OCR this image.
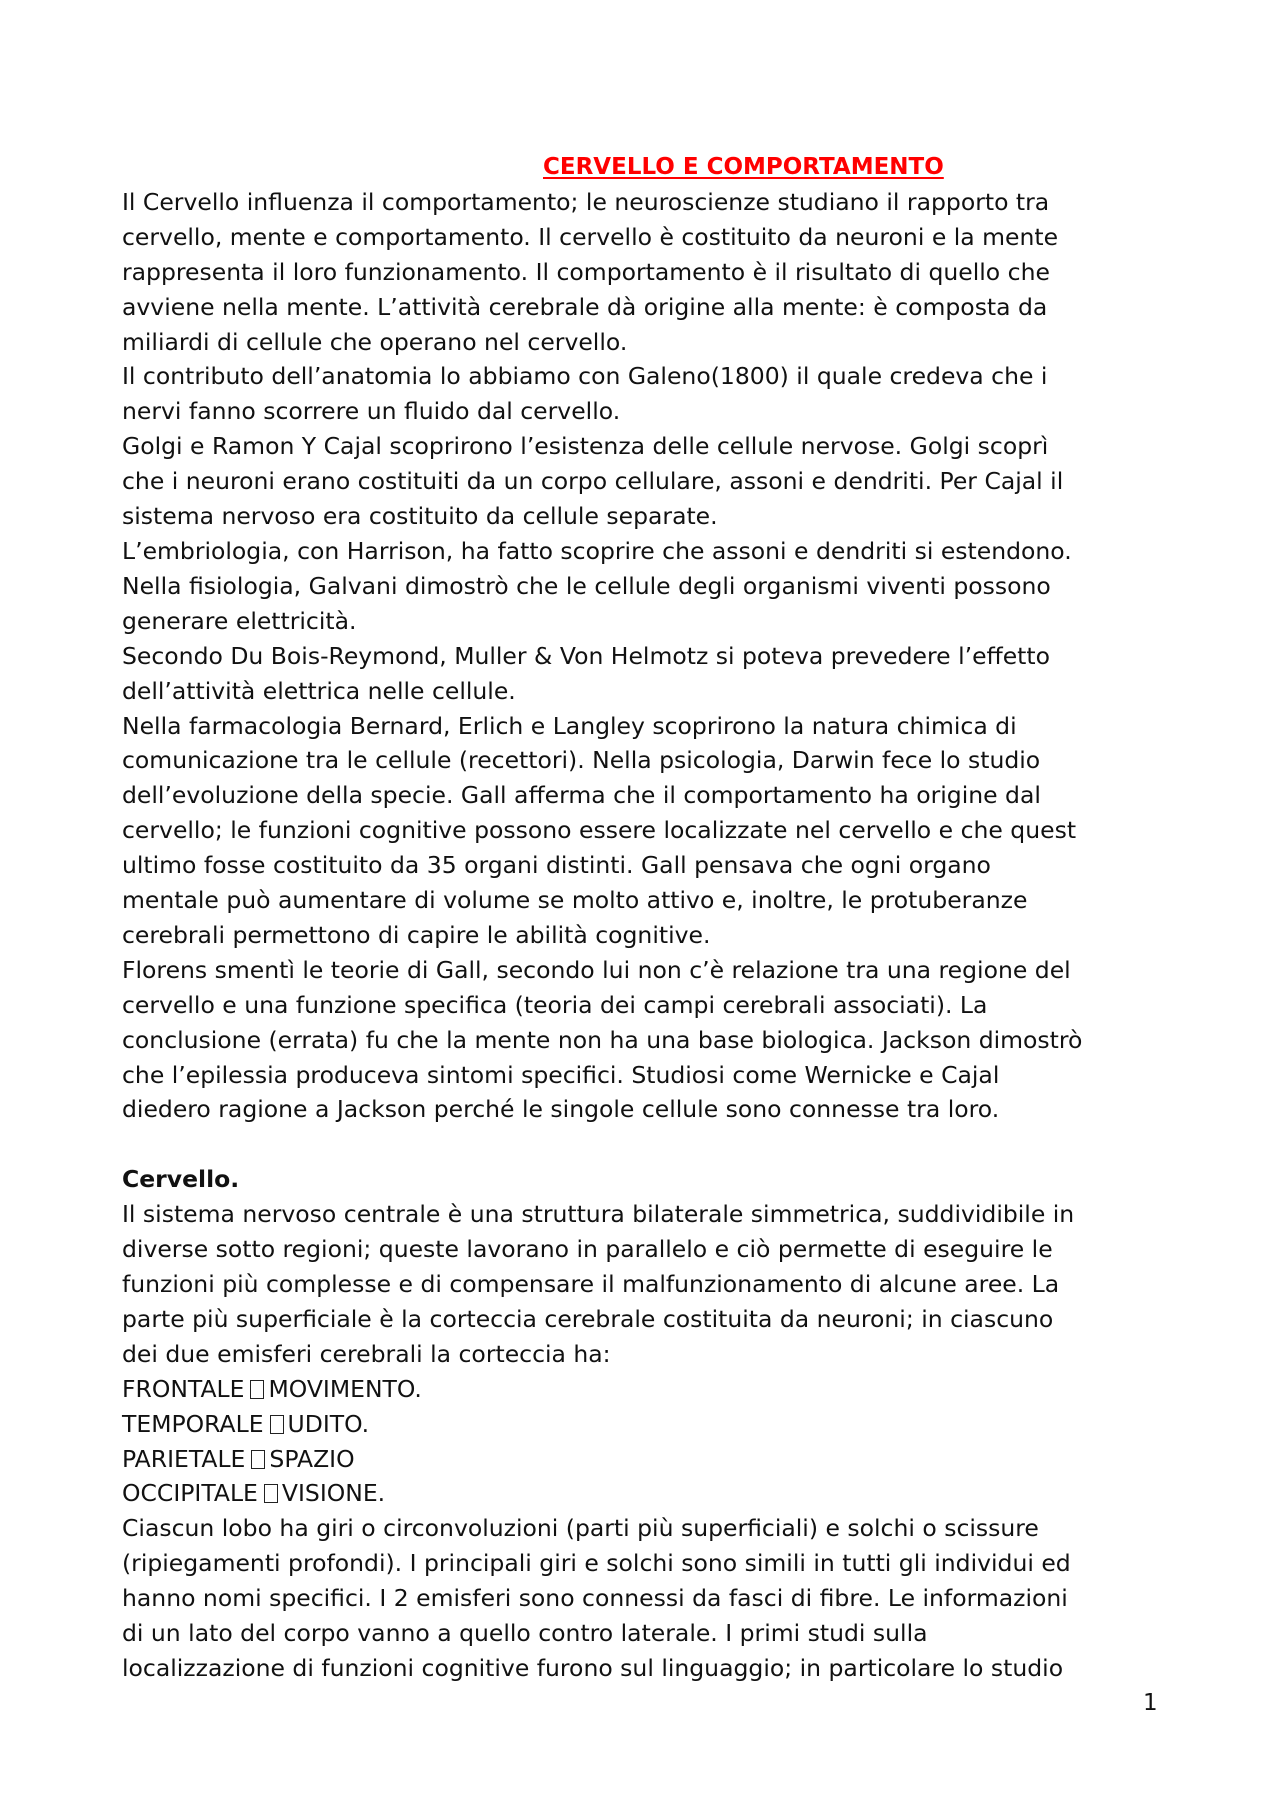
CERVELLO E COMPORTAMENTO
Il Cervello influenza il comportamento; le neuroscienze studiano il rapporto tra
cervello, mente e comportamento. Il cervello è costituito da neuroni e la mente
rappresenta il loro funzionamento. Il comportamento è il risultato di quello che
avviene nella mente. L’attività cerebrale dà origine alla mente: è composta da
miliardi di cellule che operano nel cervello.
Il contributo dell’anatomia lo abbiamo con Galeno(1800) il quale credeva che i
nervi fanno scorrere un fluido dal cervello.
Golgi e Ramon Y Cajal scoprirono l’esistenza delle cellule nervose. Golgi scoprì
che i neuroni erano costituiti da un corpo cellulare, assoni e dendriti. Per Cajal il
sistema nervoso era costituito da cellule separate.
L’embriologia, con Harrison, ha fatto scoprire che assoni e dendriti si estendono.
Nella fisiologia, Galvani dimostrò che le cellule degli organismi viventi possono
generare elettricità.
Secondo Du Bois-Reymond, Muller & Von Helmotz si poteva prevedere l’effetto
dell’attività elettrica nelle cellule.
Nella farmacologia Bernard, Erlich e Langley scoprirono la natura chimica di
comunicazione tra le cellule (recettori). Nella psicologia, Darwin fece lo studio
dell’evoluzione della specie. Gall afferma che il comportamento ha origine dal
cervello; le funzioni cognitive possono essere localizzate nel cervello e che quest
ultimo fosse costituito da 35 organi distinti. Gall pensava che ogni organo
mentale può aumentare di volume se molto attivo e, inoltre, le protuberanze
cerebrali permettono di capire le abilità cognitive.
Florens smentì le teorie di Gall, secondo lui non c’è relazione tra una regione del
cervello e una funzione specifica (teoria dei campi cerebrali associati). La
conclusione (errata) fu che la mente non ha una base biologica. Jackson dimostrò
che l’epilessia produceva sintomi specifici. Studiosi come Wernicke e Cajal
diedero ragione a Jackson perché le singole cellule sono connesse tra loro.
Cervello.
Il sistema nervoso centrale è una struttura bilaterale simmetrica, suddividibile in
diverse sotto regioni; queste lavorano in parallelo e ciò permette di eseguire le
funzioni più complesse e di compensare il malfunzionamento di alcune aree. La
parte più superficiale è la corteccia cerebrale costituita da neuroni; in ciascuno
dei due emisferi cerebrali la corteccia ha:
FRONTALE MOVIMENTO.
TEMPORALE UDITO.
PARIETALE SPAZIO
OCCIPITALE VISIONE.
Ciascun lobo ha giri o circonvoluzioni (parti più superficiali) e solchi o scissure
(ripiegamenti profondi). I principali giri e solchi sono simili in tutti gli individui ed
hanno nomi specifici. I 2 emisferi sono connessi da fasci di fibre. Le informazioni
di un lato del corpo vanno a quello contro laterale. I primi studi sulla
localizzazione di funzioni cognitive furono sul linguaggio; in particolare lo studio
1
